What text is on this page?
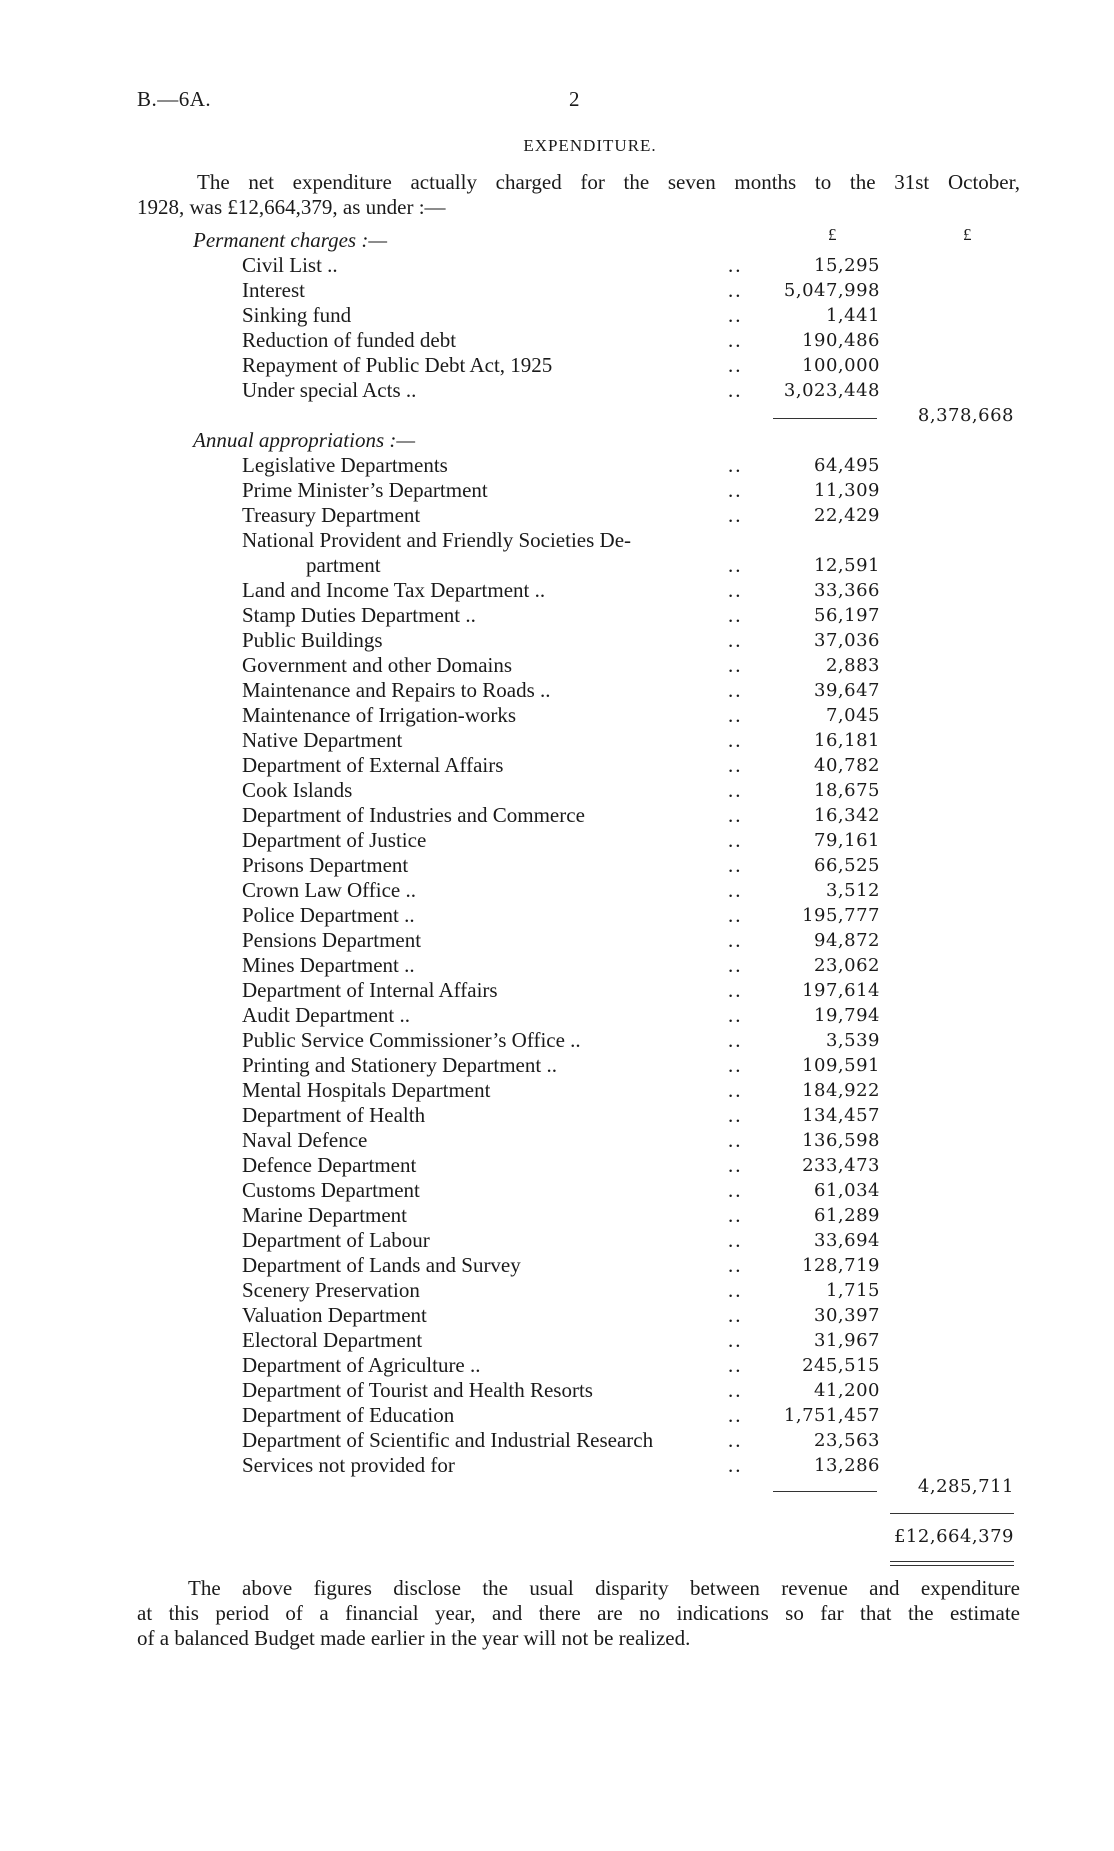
B.—6A.	2
EXPENDITURE.
The net expenditure actually charged for the seven months to the 31st October,
1928, was £12,664,379, as under :—
£	£
Permanent charges :—
Civil List ..	..	15,295
Interest	.. 5,047,998
Sinking fund	..	1,441
Reduction of funded debt	..	190,486
Repayment of Public Debt Act, 1925	..	100,000
Under special Acts ..	.. 3,023,448
8,378,668
Annual appropriations :—
Legislative Departments	..	64,495
Prime Minister’s Department	..	11,309
Treasury Department	..	22,429
National Provident and Friendly Societies De-
partment	..	12,591
Land and Income Tax Department ..	..	33,366
Stamp Duties Department ..	..	56,197
Public Buildings	..	37,036
Government and other Domains	..	2,883
Maintenance and Repairs to Roads ..	..	39,647
Maintenance of Irrigation-works	..	7,045
Native Department	..	16,181
Department of External Affairs	..	40,782
Cook Islands	..	18,675
Department of Industries and Commerce	..	16,342
Department of Justice	..	79,161
Prisons Department	..	66,525
Crown Law Office ..	..	3,512
Police Department ..	..	195,777
Pensions Department	..	94,872
Mines Department ..	..	23,062
Department of Internal Affairs	..	197,614
Audit Department ..	..	19,794
Public Service Commissioner’s Office ..	..	3,539
Printing and Stationery Department ..	..	109,591
Mental Hospitals Department	..	184,922
Department of Health	..	134,457
Naval Defence	..	136,598
Defence Department	..	233,473
Customs Department	..	61,034
Marine Department	..	61,289
Department of Labour	..	33,694
Department of Lands and Survey	..	128,719
Scenery Preservation	..	1,715
Valuation Department	..	30,397
Electoral Department	..	31,967
Department of Agriculture ..	..	245,515
Department of Tourist and Health Resorts	..	41,200
Department of Education	.. 1,751,457
Department of Scientific and Industrial Research	..	23,563
Services not provided for	..	13,286
4,285,711
£12,664,379
The above figures disclose the usual disparity between revenue and expenditure
at this period of a financial year, and there are no indications so far that the estimate
of a balanced Budget made earlier in the year will not be realized.
